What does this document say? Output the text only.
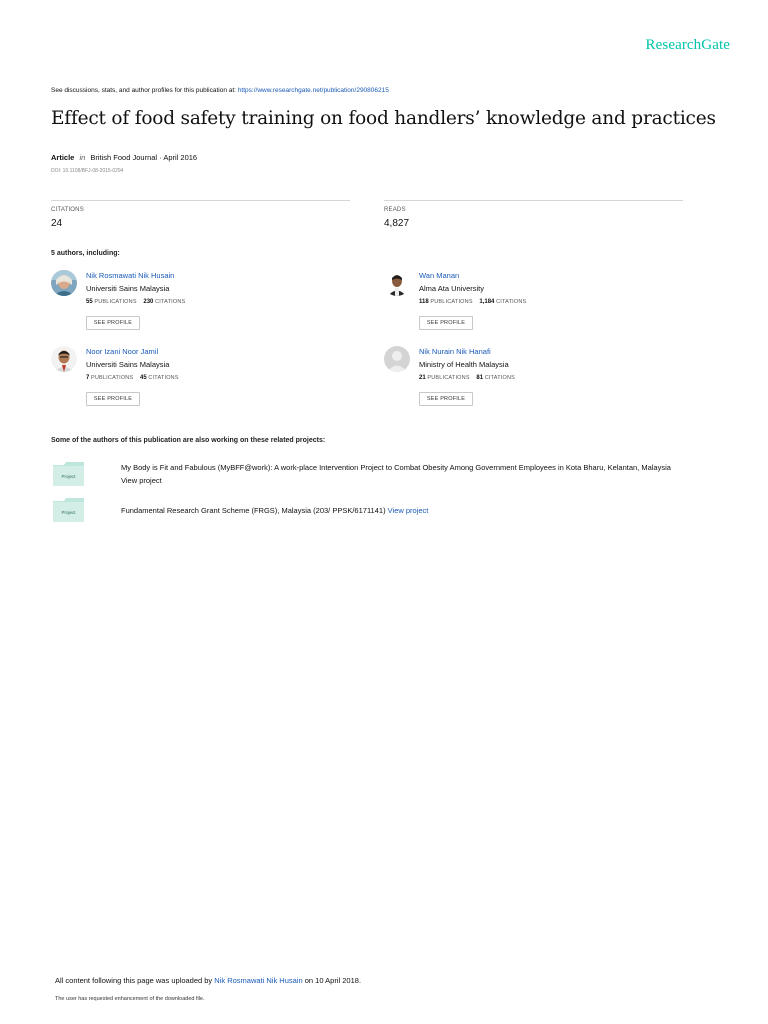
ResearchGate
See discussions, stats, and author profiles for this publication at: https://www.researchgate.net/publication/290806215
Effect of food safety training on food handlers’ knowledge and practices
Article in British Food Journal · April 2016
DOI: 10.1108/BFJ-08-2015-0294
CITATIONS
24
READS
4,827
5 authors, including:
Nik Rosmawati Nik Husain
Universiti Sains Malaysia
55 PUBLICATIONS 230 CITATIONS
SEE PROFILE
Wan Manan
Alma Ata University
118 PUBLICATIONS 1,184 CITATIONS
SEE PROFILE
Noor Izani Noor Jamil
Universiti Sains Malaysia
7 PUBLICATIONS 45 CITATIONS
SEE PROFILE
Nik Nurain Nik Hanafi
Ministry of Health Malaysia
21 PUBLICATIONS 81 CITATIONS
SEE PROFILE
Some of the authors of this publication are also working on these related projects:
Project
My Body is Fit and Fabulous (MyBFF@work): A work-place Intervention Project to Combat Obesity Among Government Employees in Kota Bharu, Kelantan, Malaysia
View project
Project	Fundamental Research Grant Scheme (FRGS), Malaysia (203/ PPSK/6171141) View project
All content following this page was uploaded by Nik Rosmawati Nik Husain on 10 April 2018.
The user has requested enhancement of the downloaded file.
